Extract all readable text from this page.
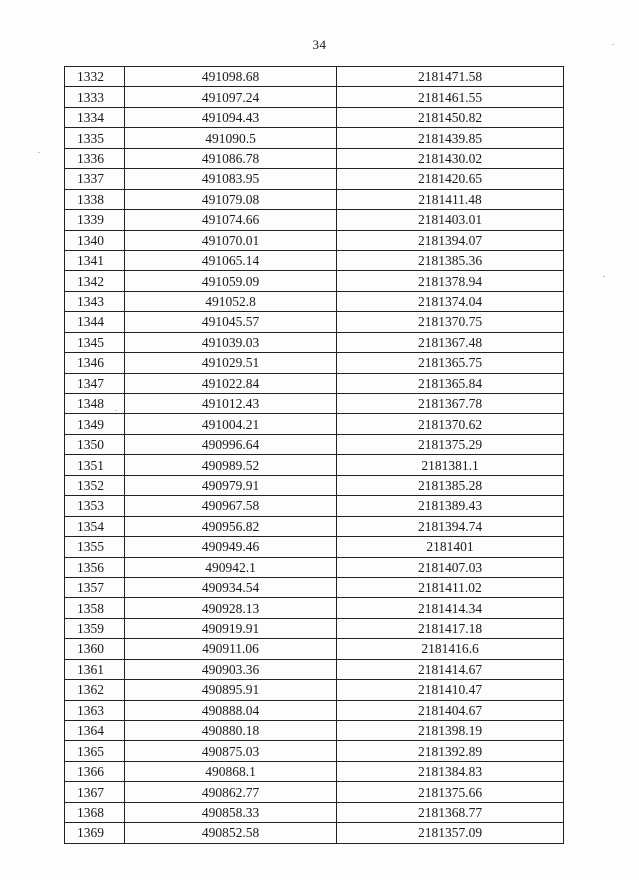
34
1332	491098.68	2181471.58
1333	491097.24	2181461.55
1334	491094.43	2181450.82
1335	491090.5	2181439.85
1336	491086.78	2181430.02
1337	491083.95	2181420.65
1338	491079.08	2181411.48
1339	491074.66	2181403.01
1340	491070.01	2181394.07
1341	491065.14	2181385.36
1342	491059.09	2181378.94
1343	491052.8	2181374.04
1344	491045.57	2181370.75
1345	491039.03	2181367.48
1346	491029.51	2181365.75
1347	491022.84	2181365.84
1348	491012.43	2181367.78
1349	491004.21	2181370.62
1350	490996.64	2181375.29
1351	490989.52	2181381.1
1352	490979.91	2181385.28
1353	490967.58	2181389.43
1354	490956.82	2181394.74
1355	490949.46	2181401
1356	490942.1	2181407.03
1357	490934.54	2181411.02
1358	490928.13	2181414.34
1359	490919.91	2181417.18
1360	490911.06	2181416.6
1361	490903.36	2181414.67
1362	490895.91	2181410.47
1363	490888.04	2181404.67
1364	490880.18	2181398.19
1365	490875.03	2181392.89
1366	490868.1	2181384.83
1367	490862.77	2181375.66
1368	490858.33	2181368.77
1369	490852.58	2181357.09
